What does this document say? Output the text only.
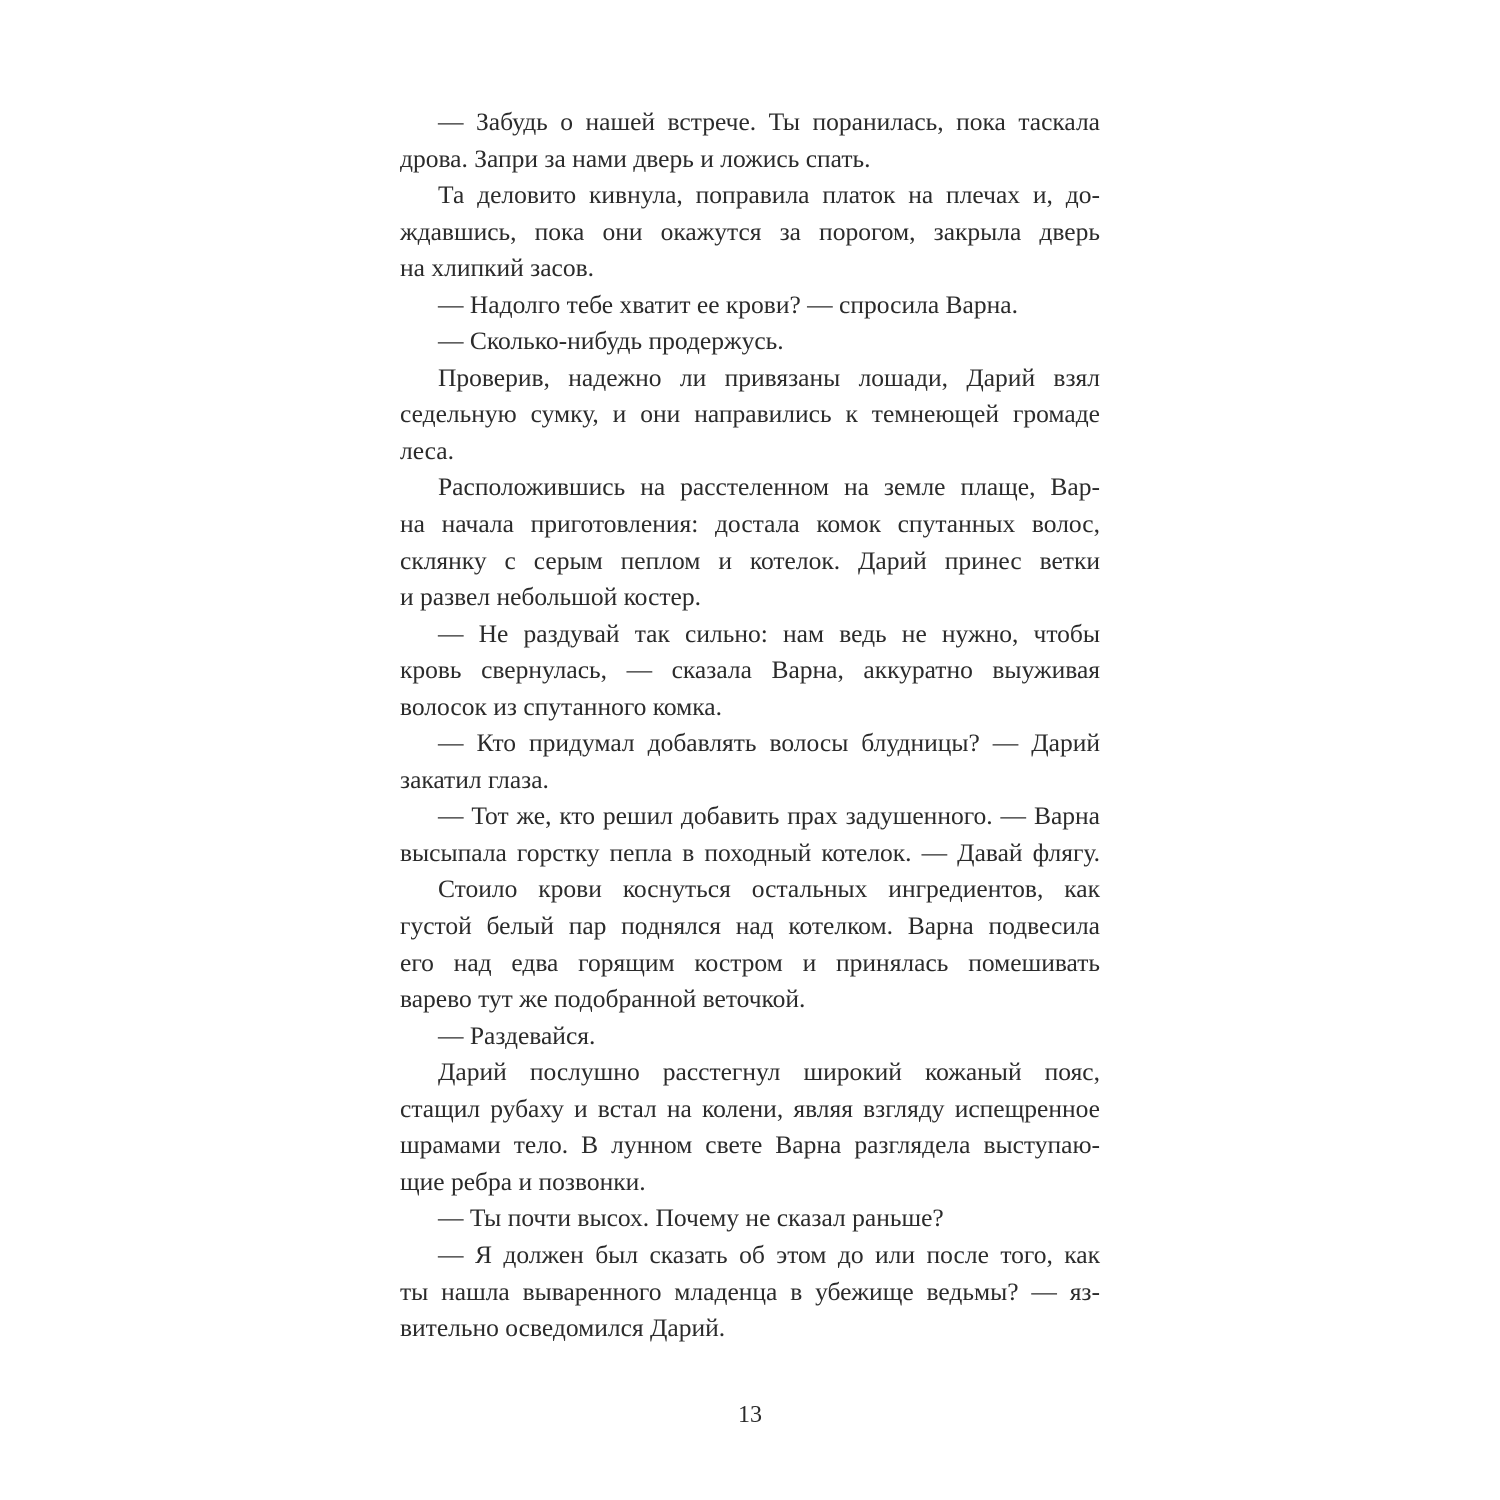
— Забудь о нашей встрече. Ты поранилась, пока таскала
дрова. Запри за нами дверь и ложись спать.
Та деловито кивнула, поправила платок на плечах и, до-
ждавшись, пока они окажутся за порогом, закрыла дверь
на хлипкий засов.
— Надолго тебе хватит ее крови? — спросила Варна.
— Сколько-нибудь продержусь.
Проверив, надежно ли привязаны лошади, Дарий взял
седельную сумку, и они направились к темнеющей громаде
леса.
Расположившись на расстеленном на земле плаще, Вар-
на начала приготовления: достала комок спутанных волос,
склянку с серым пеплом и котелок. Дарий принес ветки
и развел небольшой костер.
— Не раздувай так сильно: нам ведь не нужно, чтобы
кровь свернулась, — сказала Варна, аккуратно выуживая
волосок из спутанного комка.
— Кто придумал добавлять волосы блудницы? — Дарий
закатил глаза.
— Тот же, кто решил добавить прах задушенного. — Варна
высыпала горстку пепла в походный котелок. — Давай флягу.
Стоило крови коснуться остальных ингредиентов, как
густой белый пар поднялся над котелком. Варна подвесила
его над едва горящим костром и принялась помешивать
варево тут же подобранной веточкой.
— Раздевайся.
Дарий послушно расстегнул широкий кожаный пояс,
стащил рубаху и встал на колени, являя взгляду испещренное
шрамами тело. В лунном свете Варна разглядела выступаю-
щие ребра и позвонки.
— Ты почти высох. Почему не сказал раньше?
— Я должен был сказать об этом до или после того, как
ты нашла вываренного младенца в убежище ведьмы? — яз-
вительно осведомился Дарий.
13
